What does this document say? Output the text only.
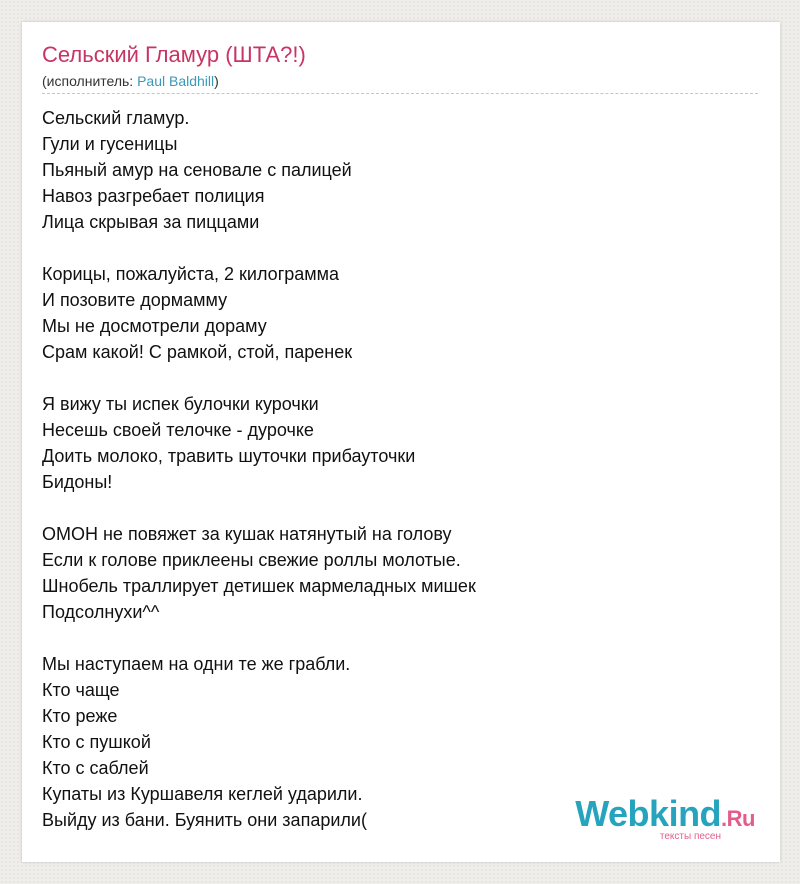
Сельский Гламур (ШТА?!)
(исполнитель: Paul Baldhill)
Сельский гламур.
Гули и гусеницы
Пьяный амур на сеновале с палицей
Навоз разгребает полиция
Лица скрывая за пиццами
Корицы, пожалуйста, 2 килограмма
И позовите дормамму
Мы не досмотрели дораму
Срам какой! С рамкой, стой, паренек
Я вижу ты испек булочки курочки
Несешь своей телочке - дурочке
Доить молоко, травить шуточки прибауточки
Бидоны!
ОМОН не повяжет за кушак натянутый на голову
Если к голове приклеены свежие роллы молотые.
Шнобель траллирует детишек мармеладных мишек
Подсолнухи^^
Мы наступаем на одни те же грабли.
Кто чаще
Кто реже
Кто с пушкой
Кто с саблей
Купаты из Куршавеля кеглей ударили.
Выйду из бани. Буянить они запарили(	Webkind.Ru
тексты песен
